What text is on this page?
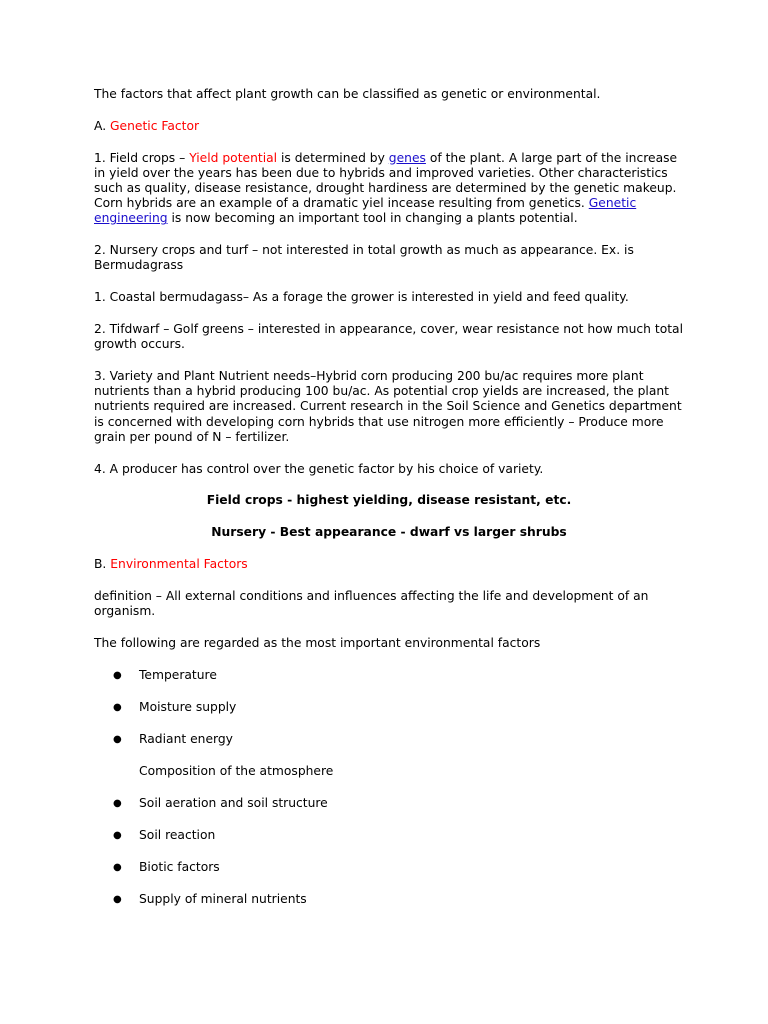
The factors that affect plant growth can be classified as genetic or environmental.

A. Genetic Factor

1. Field crops – Yield potential is determined by genes of the plant. A large part of the increase in yield over the years has been due to hybrids and improved varieties. Other characteristics such as quality, disease resistance, drought hardiness are determined by the genetic makeup. Corn hybrids are an example of a dramatic yiel incease resulting from genetics. Genetic engineering is now becoming an important tool in changing a plants potential.

2. Nursery crops and turf – not interested in total growth as much as appearance. Ex. is Bermudagrass

1. Coastal bermudagass– As a forage the grower is interested in yield and feed quality.

2. Tifdwarf – Golf greens – interested in appearance, cover, wear resistance not how much total growth occurs.

3. Variety and Plant Nutrient needs–Hybrid corn producing 200 bu/ac requires more plant nutrients than a hybrid producing 100 bu/ac. As potential crop yields are increased, the plant nutrients required are increased. Current research in the Soil Science and Genetics department is concerned with developing corn hybrids that use nitrogen more efficiently – Produce more grain per pound of N – fertilizer.

4. A producer has control over the genetic factor by his choice of variety.

Field crops - highest yielding, disease resistant, etc.

Nursery - Best appearance - dwarf vs larger shrubs

B. Environmental Factors

definition – All external conditions and influences affecting the life and development of an organism.

The following are regarded as the most important environmental factors

● Temperature
● Moisture supply
● Radiant energy
Composition of the atmosphere
● Soil aeration and soil structure
● Soil reaction
● Biotic factors
● Supply of mineral nutrients
